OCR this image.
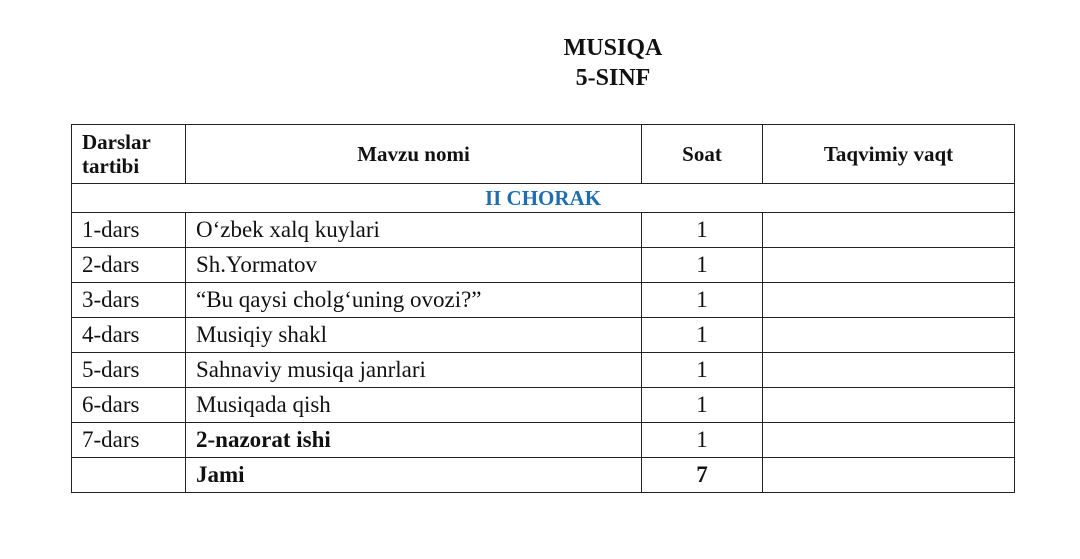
MUSIQA
5-SINF
Darslar
tartibi	Mavzu nomi	Soat	Taqvimiy vaqt
II CHORAK			
1-dars	O‘zbek xalq kuylari	1	
2-dars	Sh.Yormatov	1	
3-dars	“Bu qaysi cholg‘uning ovozi?”	1	
4-dars	Musiqiy shakl	1	
5-dars	Sahnaviy musiqa janrlari	1	
6-dars	Musiqada qish	1	
7-dars	2-nazorat ishi	1	
	Jami	7	
